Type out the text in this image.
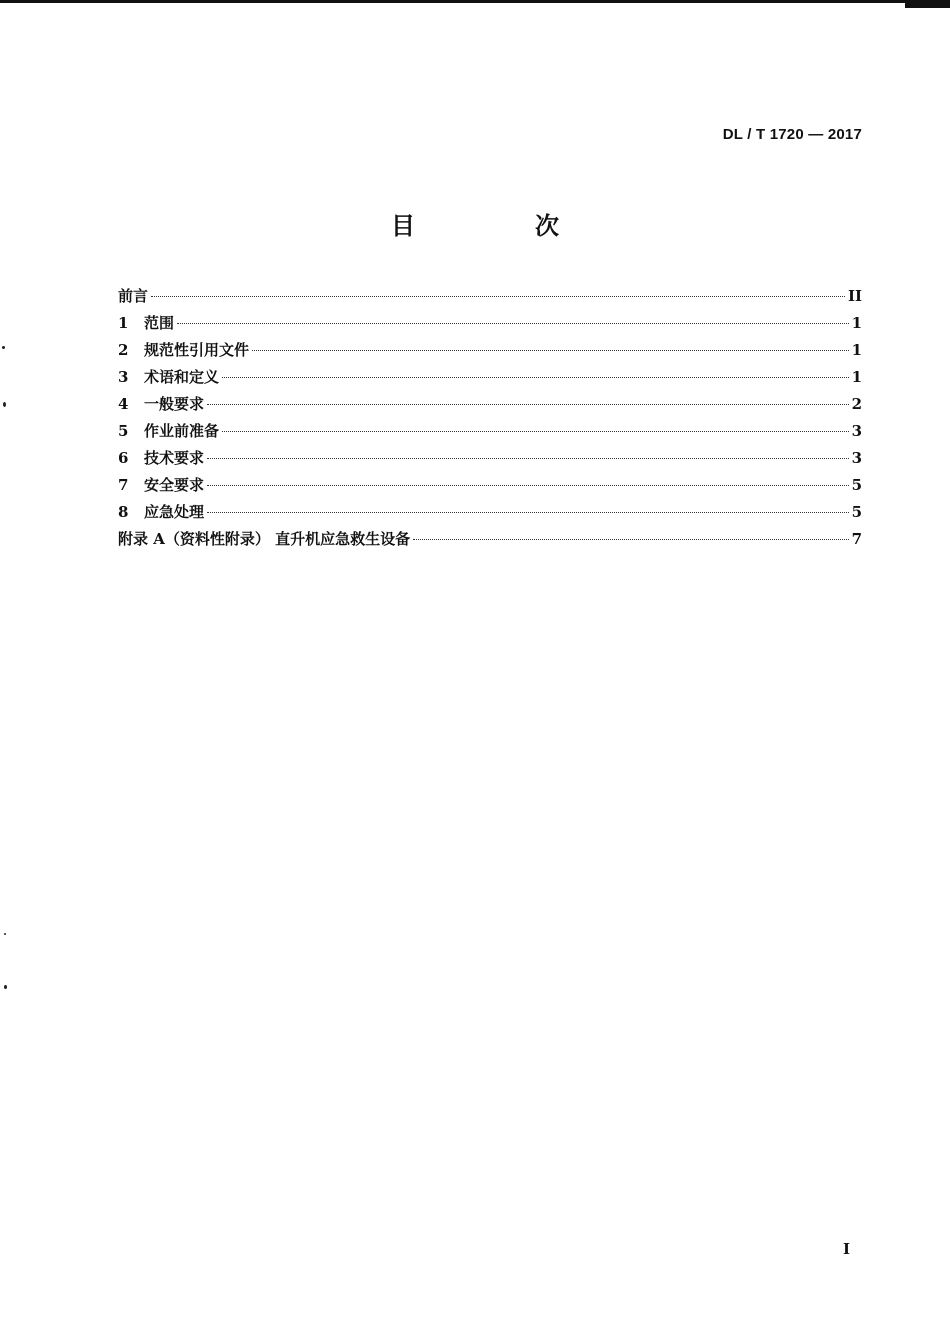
DL / T 1720 — 2017
目　次
前言	II
1	范围	1
2	规范性引用文件	1
3	术语和定义	1
4	一般要求	2
5	作业前准备	3
6	技术要求	3
7	安全要求	5
8	应急处理	5
附录 A（资料性附录） 直升机应急救生设备	7
I
